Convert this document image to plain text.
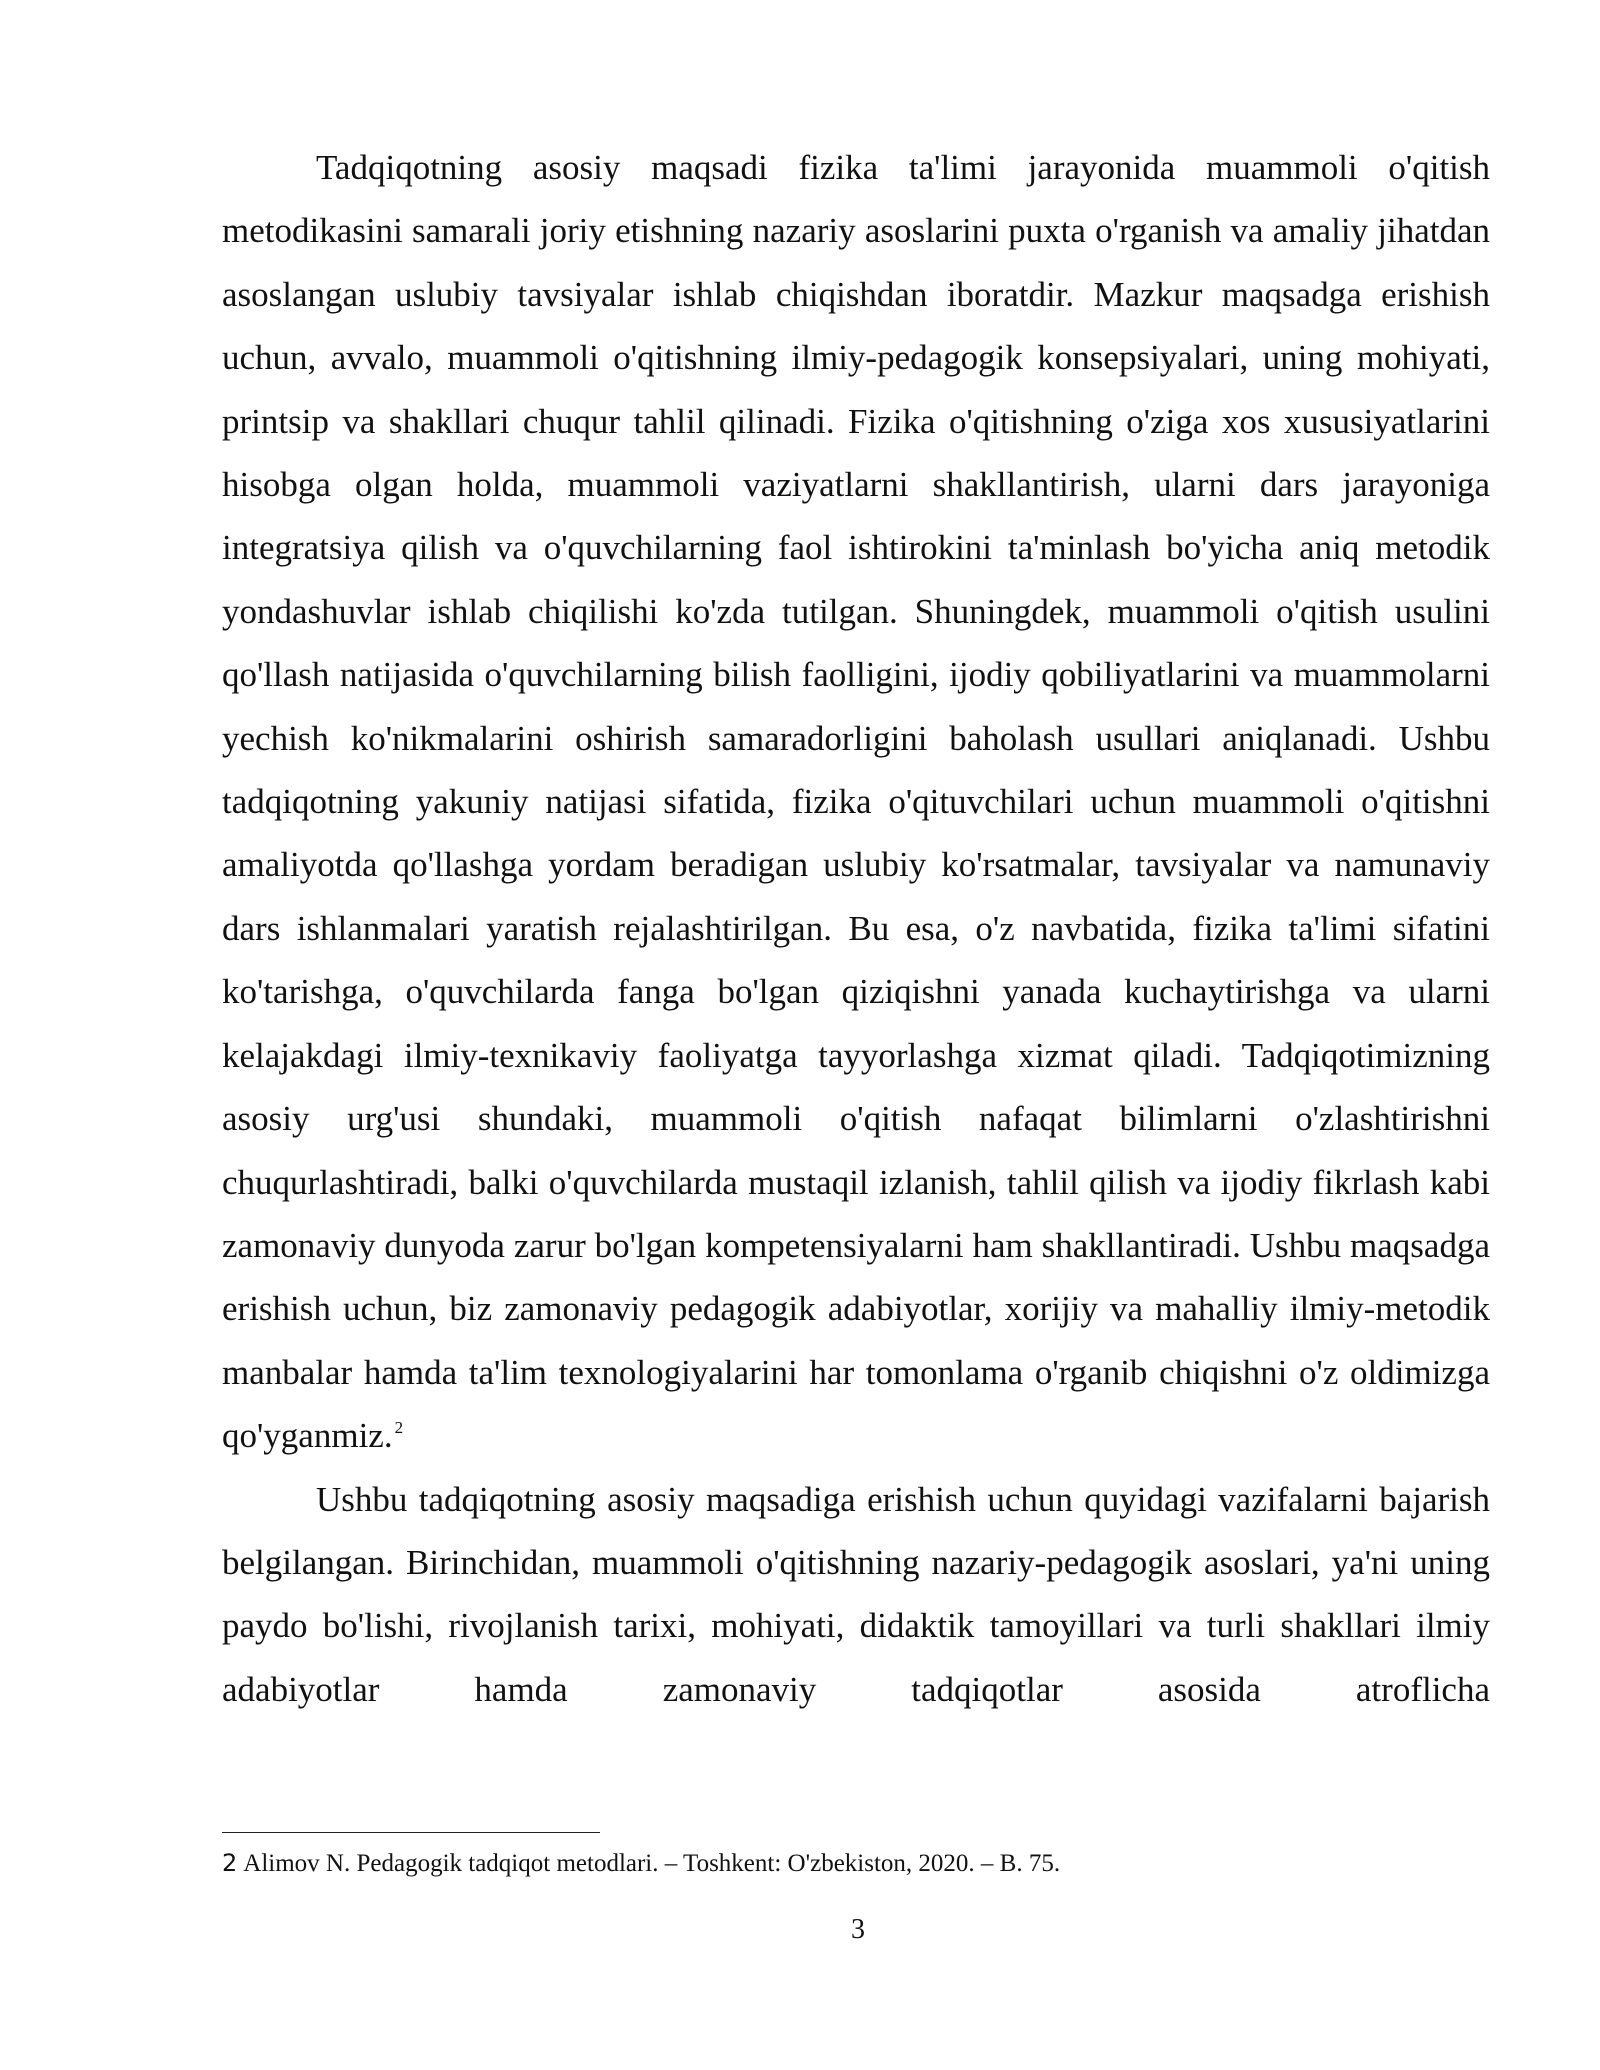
Tadqiqotning asosiy maqsadi fizika ta'limi jarayonida muammoli o'qitish metodikasini samarali joriy etishning nazariy asoslarini puxta o'rganish va amaliy jihatdan asoslangan uslubiy tavsiyalar ishlab chiqishdan iboratdir. Mazkur maqsadga erishish uchun, avvalo, muammoli o'qitishning ilmiy-pedagogik konsepsiyalari, uning mohiyati, printsip va shakllari chuqur tahlil qilinadi. Fizika o'qitishning o'ziga xos xususiyatlarini hisobga olgan holda, muammoli vaziyatlarni shakllantirish, ularni dars jarayoniga integratsiya qilish va o'quvchilarning faol ishtirokini ta'minlash bo'yicha aniq metodik yondashuvlar ishlab chiqilishi ko'zda tutilgan. Shuningdek, muammoli o'qitish usulini qo'llash natijasida o'quvchilarning bilish faolligini, ijodiy qobiliyatlarini va muammolarni yechish ko'nikmalarini oshirish samaradorligini baholash usullari aniqlanadi. Ushbu tadqiqotning yakuniy natijasi sifatida, fizika o'qituvchilari uchun muammoli o'qitishni amaliyotda qo'llashga yordam beradigan uslubiy ko'rsatmalar, tavsiyalar va namunaviy dars ishlanmalari yaratish rejalashtirilgan. Bu esa, o'z navbatida, fizika ta'limi sifatini ko'tarishga, o'quvchilarda fanga bo'lgan qiziqishni yanada kuchaytirishga va ularni kelajakdagi ilmiy-texnikaviy faoliyatga tayyorlashga xizmat qiladi. Tadqiqotimizning asosiy urg'usi shundaki, muammoli o'qitish nafaqat bilimlarni o'zlashtirishni chuqurlashtiradi, balki o'quvchilarda mustaqil izlanish, tahlil qilish va ijodiy fikrlash kabi zamonaviy dunyoda zarur bo'lgan kompetensiyalarni ham shakllantiradi. Ushbu maqsadga erishish uchun, biz zamonaviy pedagogik adabiyotlar, xorijiy va mahalliy ilmiy-metodik manbalar hamda ta'lim texnologiyalarini har tomonlama o'rganib chiqishni o'z oldimizga qo'yganmiz. $^2$

Ushbu tadqiqotning asosiy maqsadiga erishish uchun quyidagi vazifalarni bajarish belgilangan. Birinchidan, muammoli o'qitishning nazariy-pedagogik asoslari, ya'ni uning paydo bo'lishi, rivojlanish tarixi, mohiyati, didaktik tamoyillari va turli shakllari ilmiy adabiyotlar hamda zamonaviy tadqiqotlar asosida atroflicha

2 Alimov N. Pedagogik tadqiqot metodlari. – Toshkent: O'zbekiston, 2020. – B. 75.
3
